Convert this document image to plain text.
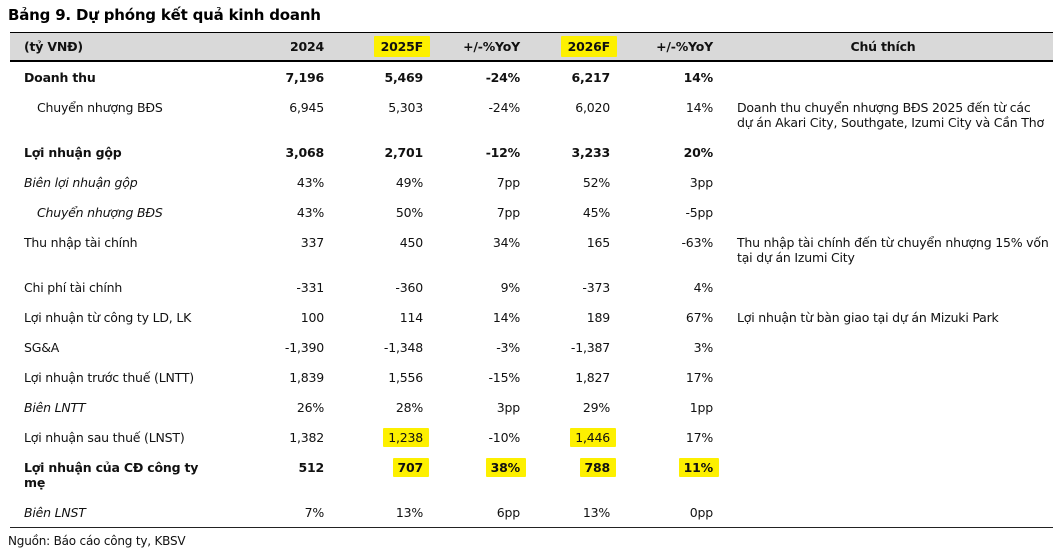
Bảng 9. Dự phóng kết quả kinh doanh
(tỷ VNĐ)	2024	2025F	+/-%YoY	2026F	+/-%YoY	Chú thích
Doanh thu	7,196	5,469	-24%	6,217	14%	
Chuyển nhượng BĐS	6,945	5,303	-24%	6,020	14%	Doanh thu chuyển nhượng BĐS 2025 đến từ các dự án Akari City, Southgate, Izumi City và Cần Thơ
Lợi nhuận gộp	3,068	2,701	-12%	3,233	20%	
Biên lợi nhuận gộp	43%	49%	7pp	52%	3pp	
Chuyển nhượng BĐS	43%	50%	7pp	45%	-5pp	
Thu nhập tài chính	337	450	34%	165	-63%	Thu nhập tài chính đến từ chuyển nhượng 15% vốn tại dự án Izumi City
Chi phí tài chính	-331	-360	9%	-373	4%	
Lợi nhuận từ công ty LD, LK	100	114	14%	189	67%	Lợi nhuận từ bàn giao tại dự án Mizuki Park
SG&A	-1,390	-1,348	-3%	-1,387	3%	
Lợi nhuận trước thuế (LNTT)	1,839	1,556	-15%	1,827	17%	
Biên LNTT	26%	28%	3pp	29%	1pp	
Lợi nhuận sau thuế (LNST)	1,382	1,238	-10%	1,446	17%	
Lợi nhuận của CĐ công ty mẹ	512	707	38%	788	11%	
Biên LNST	7%	13%	6pp	13%	0pp	
Nguồn: Báo cáo công ty, KBSV
